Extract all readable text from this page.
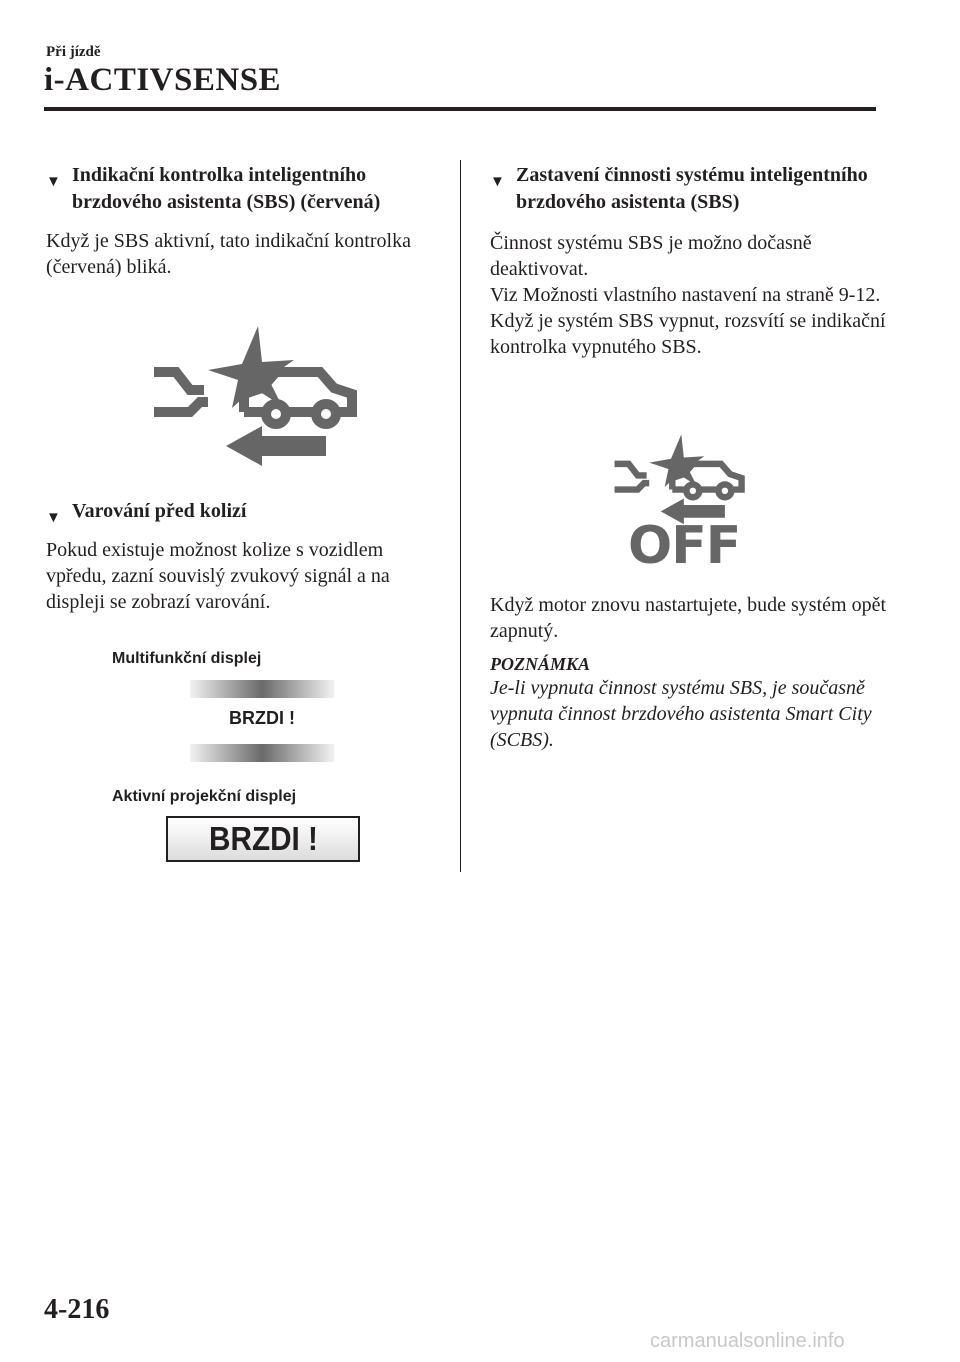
Při jízdě

i-ACTIVSENSE
▼ Indikační kontrolka inteligentního brzdového asistenta (SBS) (červená)

Když je SBS aktivní, tato indikační kontrolka (červená) bliká.

▼ Varování před kolizí

Pokud existuje možnost kolize s vozidlem vpředu, zazní souvislý zvukový signál a na displeji se zobrazí varování.

Multifunkční displej
BRZDI !
Aktivní projekční displej
BRZDI !
▼ Zastavení činnosti systému inteligentního brzdového asistenta (SBS)

Činnost systému SBS je možno dočasně deaktivovat.

Viz Možnosti vlastního nastavení na straně 9-12.

Když je systém SBS vypnut, rozsvítí se indikační kontrolka vypnutého SBS.

OFF

Když motor znovu nastartujete, bude systém opět zapnutý.

POZNÁMKA

Je-li vypnuta činnost systému SBS, je současně vypnuta činnost brzdového asistenta Smart City (SCBS).

4-216

carmanualsonline.info
